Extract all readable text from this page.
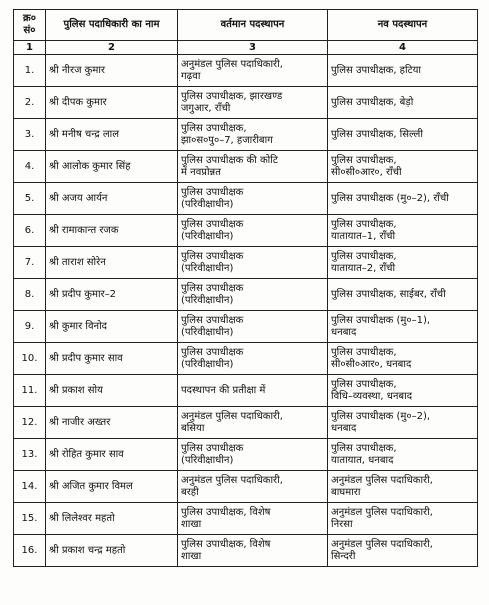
क्र० सं०	पुलिस पदाधिकारी का नाम	वर्तमान पदस्थापन	नव पदस्थापन

1	2	3	4

1.	श्री नीरज कुमार	अनुमंडल पुलिस पदाधिकारी,
गढ़वा	पुलिस उपाधीक्षक, हटिया

2.	श्री दीपक कुमार	पुलिस उपाधीक्षक, झारखण्ड
जगुआर, राँची	पुलिस उपाधीक्षक, बेड़ो

3.	श्री मनीष चन्द्र लाल	पुलिस उपाधीक्षक,
झा०स०पु०–7, हजारीबाग	पुलिस उपाधीक्षक, सिल्ली

4.	श्री आलोक कुमार सिंह	पुलिस उपाधीक्षक की कोटि
में नवप्रोन्नत	पुलिस उपाधीक्षक,
सी०सी०आर०, राँची

5.	श्री अजय आर्यन	पुलिस उपाधीक्षक
(परिवीक्षाधीन)	पुलिस उपाधीक्षक (मु०–2), राँची

6.	श्री रामाकान्त रजक	पुलिस उपाधीक्षक
(परिवीक्षाधीन)	पुलिस उपाधीक्षक,
यातायात–1, राँची

7.	श्री ताराश सोरेन	पुलिस उपाधीक्षक
(परिवीक्षाधीन)	पुलिस उपाधीक्षक,
यातायात–2, राँची

8.	श्री प्रदीप कुमार–2	पुलिस उपाधीक्षक
(परिवीक्षाधीन)	पुलिस उपाधीक्षक, साईबर, राँची

9.	श्री कुमार विनोद	पुलिस उपाधीक्षक
(परिवीक्षाधीन)	पुलिस उपाधीक्षक (मु०–1),
धनबाद

10.	श्री प्रदीप कुमार साव	पुलिस उपाधीक्षक
(परिवीक्षाधीन)	पुलिस उपाधीक्षक,
सी०सी०आर०, धनबाद

11.	श्री प्रकाश सोय	पदस्थापन की प्रतीक्षा में	पुलिस उपाधीक्षक,
विधि–व्यवस्था, धनबाद

12.	श्री नाजीर अख्तर	अनुमंडल पुलिस पदाधिकारी,
बसिया	पुलिस उपाधीक्षक (मु०–2),
धनबाद

13.	श्री रोहित कुमार साव	पुलिस उपाधीक्षक
(परिवीक्षाधीन)	पुलिस उपाधीक्षक,
यातायात, धनबाद

14.	श्री अजित कुमार विमल	अनुमंडल पुलिस पदाधिकारी,
बरही	अनुमंडल पुलिस पदाधिकारी,
बाघमारा

15.	श्री लिलेश्वर महतो	पुलिस उपाधीक्षक, विशेष
शाखा	अनुमंडल पुलिस पदाधिकारी,
निरसा

16.	श्री प्रकाश चन्द्र महतो	पुलिस उपाधीक्षक, विशेष
शाखा	अनुमंडल पुलिस पदाधिकारी,
सिन्दरी
